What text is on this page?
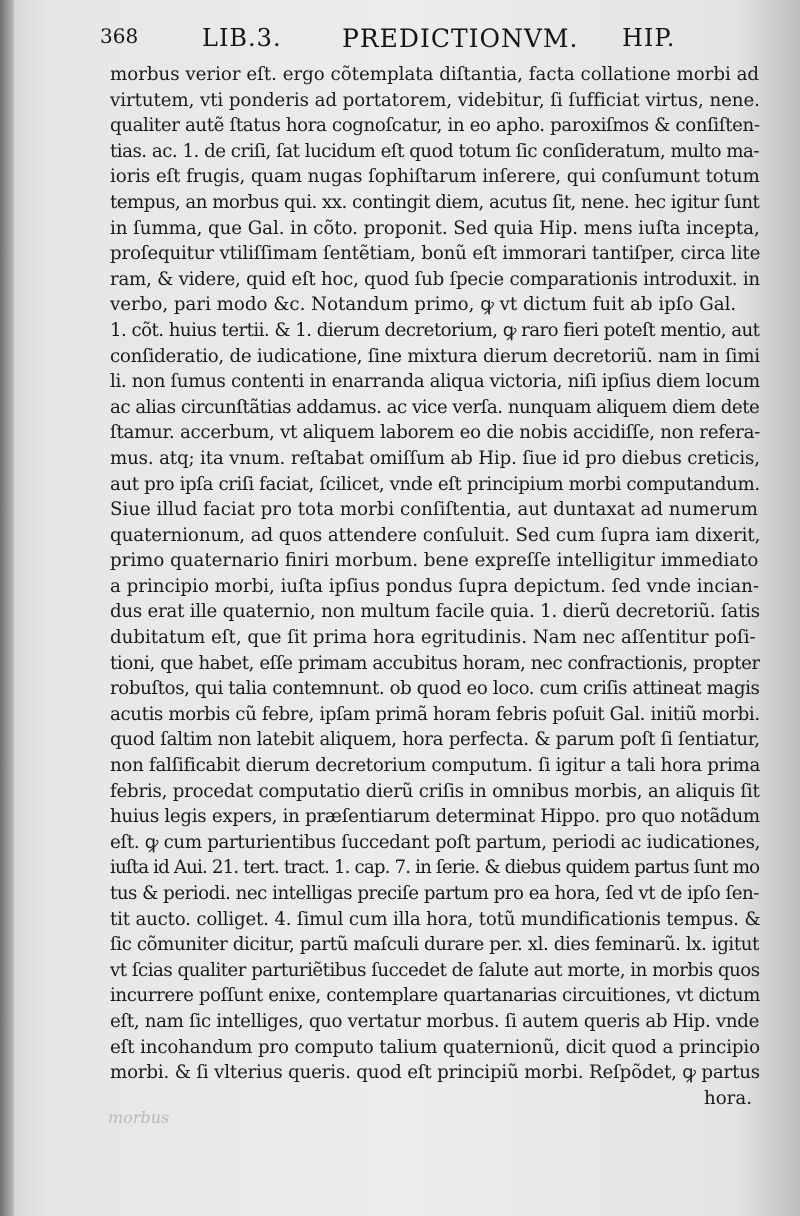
368	LIB.3. PREDICTIONVM. HIP.
morbus verior eſt. ergo cõtemplata diſtantia, facta collatione morbi ad
virtutem, vti ponderis ad portatorem, videbitur, ſi ſufficiat virtus, nene.
qualiter autẽ ſtatus hora cognoſcatur, in eo apho. paroxiſmos & conſiſten-
tias. ac. 1. de criſi, ſat lucidum eſt quod totum ſic conſideratum, multo ma-
ioris eſt frugis, quam nugas ſophiſtarum inſerere, qui conſumunt totum
tempus, an morbus qui. xx. contingit diem, acutus ſit, nene. hec igitur ſunt
in ſumma, que Gal. in cõto. proponit. Sed quia Hip. mens iuſta incepta,
proſequitur vtiliſſimam ſentẽtiam, bonũ eſt immorari tantiſper, circa lite
ram, & videre, quid eſt hoc, quod ſub ſpecie comparationis introduxit. in
verbo, pari modo &c. Notandum primo, ꝙ vt dictum fuit ab ipſo Gal.
1. cõt. huius tertii. & 1. dierum decretorium, ꝙ raro fieri poteſt mentio, aut
conſideratio, de iudicatione, ſine mixtura dierum decretoriũ. nam in ſimi
li. non ſumus contenti in enarranda aliqua victoria, niſi ipſius diem locum
ac alias circunſtãtias addamus. ac vice verſa. nunquam aliquem diem dete
ſtamur. accerbum, vt aliquem laborem eo die nobis accidiſſe, non refera-
mus. atq; ita vnum. reſtabat omiſſum ab Hip. ſiue id pro diebus creticis,
aut pro ipſa criſi faciat, ſcilicet, vnde eſt principium morbi computandum.
Siue illud faciat pro tota morbi conſiſtentia, aut duntaxat ad numerum
quaternionum, ad quos attendere conſuluit. Sed cum ſupra iam dixerit,
primo quaternario finiri morbum. bene expreſſe intelligitur immediato
a principio morbi, iuſta ipſius pondus ſupra depictum. ſed vnde incian-
dus erat ille quaternio, non multum facile quia. 1. dierũ decretoriũ. ſatis
dubitatum eſt, que ſit prima hora egritudinis. Nam nec aſſentitur poſi-
tioni, que habet, eſſe primam accubitus horam, nec confractionis, propter
robuſtos, qui talia contemnunt. ob quod eo loco. cum criſis attineat magis
acutis morbis cũ febre, ipſam primã horam febris poſuit Gal. initiũ morbi.
quod ſaltim non latebit aliquem, hora perfecta. & parum poſt ſi ſentiatur,
non falſificabit dierum decretorium computum. ſi igitur a tali hora prima
febris, procedat computatio dierũ criſis in omnibus morbis, an aliquis ſit
huius legis expers, in præſentiarum determinat Hippo. pro quo notãdum
eſt. ꝙ cum parturientibus ſuccedant poſt partum, periodi ac iudicationes,
iuſta id Aui. 21. tert. tract. 1. cap. 7. in ſerie. & diebus quidem partus ſunt mo
tus & periodi. nec intelligas preciſe partum pro ea hora, ſed vt de ipſo ſen-
tit aucto. colliget. 4. ſimul cum illa hora, totũ mundificationis tempus. &
ſic cõmuniter dicitur, partũ maſculi durare per. xl. dies feminarũ. lx. igitut
vt ſcias qualiter parturiẽtibus ſuccedet de ſalute aut morte, in morbis quos
incurrere poſſunt enixe, contemplare quartanarias circuitiones, vt dictum
eſt, nam ſic intelliges, quo vertatur morbus. ſi autem queris ab Hip. vnde
eſt incohandum pro computo talium quaternionũ, dicit quod a principio
morbi. & ſi vlterius queris. quod eſt principiũ morbi. Reſpõdet, ꝙ partus
hora.
morbus
